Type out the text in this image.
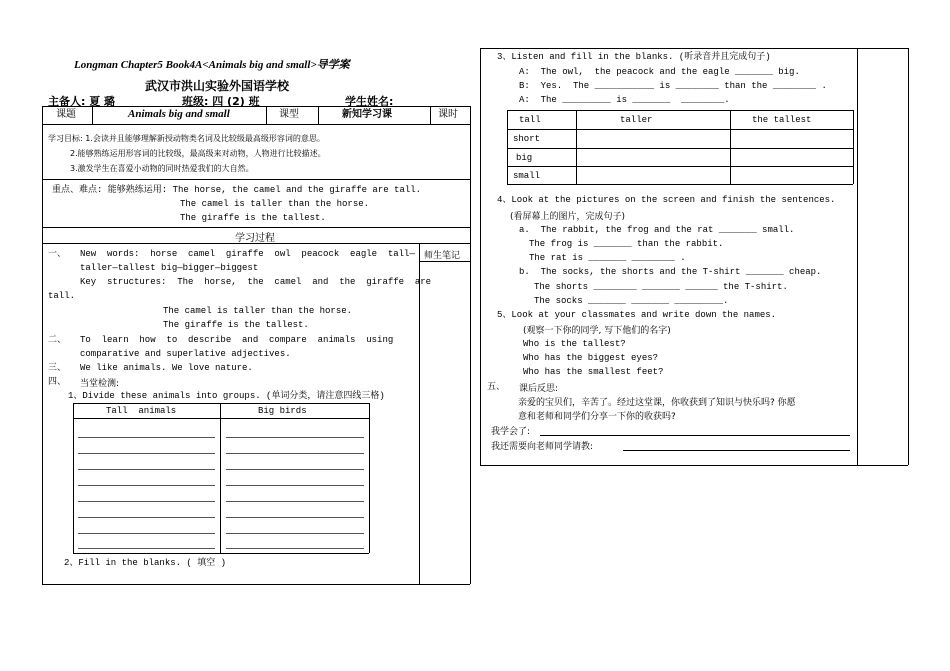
Longman Chapter5 Book4A<Animals big and small>导学案
武汉市洪山实验外国语学校
主备人: 夏 璐	班级: 四 (2) 班	学生姓名:
课题	Animals big and small	课型	新知学习课	课时
学习目标: 1.会读并且能够理解新授动物类名词及比较级最高级形容词的意思。
2.能够熟练运用形容词的比较级，最高级来对动物，人物进行比较描述。
3.激发学生在喜爱小动物的同时热爱我们的大自然。
重点、难点: 能够熟练运用: The horse, the camel and the giraffe are tall.
The camel is taller than the horse.
The giraffe is the tallest.
学习过程
师生笔记
一、 New  words:  horse  camel  giraffe  owl  peacock  eagle  tall—
taller—tallest big—bigger—biggest
Key  structures:  The  horse,  the  camel  and  the  giraffe  are
tall.
The camel is taller than the horse.
The giraffe is the tallest.
二、 To  learn  how  to  describe  and  compare  animals  using
comparative and superlative adjectives.
三、 We like animals. We love nature.
四、 当堂检测:
1、Divide these animals into groups. (单词分类，请注意四线三格)
Tall  animals	Big birds
2、Fill in the blanks. ( 填空 )
3、Listen and fill in the blanks. (听录音并且完成句子)
A:  The owl,  the peacock and the eagle _______ big.
B:  Yes.  The ___________ is ________ than the ________ .
A:  The _________ is _______  ________.
tall	taller	the tallest
short
big
small
4、Look at the pictures on the screen and finish the sentences.
(看屏幕上的图片，完成句子)
a.  The rabbit, the frog and the rat _______ small.
The frog is _______ than the rabbit.
The rat is _______ ________ .
b.  The socks, the shorts and the T-shirt _______ cheap.
The shorts ________ _______ ______ the T-shirt.
The socks _______ _______ _________.
5、Look at your classmates and write down the names.
(观察一下你的同学, 写下他们的名字)
Who is the tallest?
Who has the biggest eyes?
Who has the smallest feet?
五、 课后反思:
亲爱的宝贝们，辛苦了。经过这堂课，你收获到了知识与快乐吗? 你愿
意和老师和同学们分享一下你的收获吗?
我学会了:
我还需要向老师同学请教:
